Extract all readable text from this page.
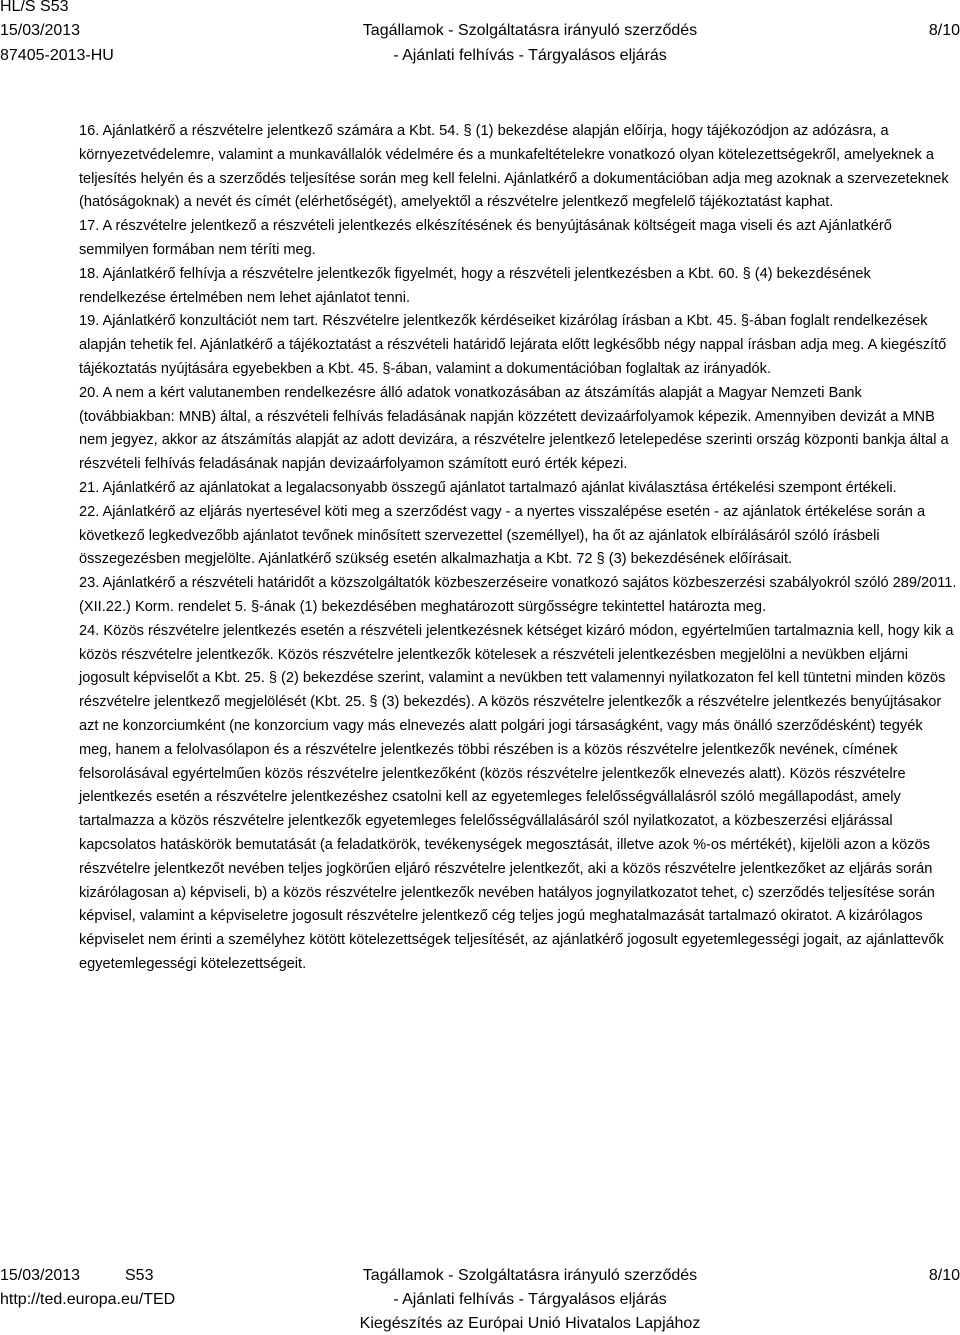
HL/S S53
15/03/2013
87405-2013-HU
Tagállamok - Szolgáltatásra irányuló szerződés
- Ajánlati felhívás - Tárgyalásos eljárás
8/10

16. Ajánlatkérő a részvételre jelentkező számára a Kbt. 54. § (1) bekezdése alapján előírja, hogy tájékozódjon az adózásra, a környezetvédelemre, valamint a munkavállalók védelmére és a munkafeltételekre vonatkozó olyan kötelezettségekről, amelyeknek a teljesítés helyén és a szerződés teljesítése során meg kell felelni. Ajánlatkérő a dokumentációban adja meg azoknak a szervezeteknek (hatóságoknak) a nevét és címét (elérhetőségét), amelyektől a részvételre jelentkező megfelelő tájékoztatást kaphat.

17. A részvételre jelentkező a részvételi jelentkezés elkészítésének és benyújtásának költségeit maga viseli és azt Ajánlatkérő semmilyen formában nem téríti meg.

18. Ajánlatkérő felhívja a részvételre jelentkezők figyelmét, hogy a részvételi jelentkezésben a Kbt. 60. § (4) bekezdésének rendelkezése értelmében nem lehet ajánlatot tenni.

19. Ajánlatkérő konzultációt nem tart. Részvételre jelentkezők kérdéseiket kizárólag írásban a Kbt. 45. §-ában foglalt rendelkezések alapján tehetik fel. Ajánlatkérő a tájékoztatást a részvételi határidő lejárata előtt legkésőbb négy nappal írásban adja meg. A kiegészítő tájékoztatás nyújtására egyebekben a Kbt. 45. §-ában, valamint a dokumentációban foglaltak az irányadók.

20. A nem a kért valutanemben rendelkezésre álló adatok vonatkozásában az átszámítás alapját a Magyar Nemzeti Bank (továbbiakban: MNB) által, a részvételi felhívás feladásának napján közzétett devizaárfolyamok képezik. Amennyiben devizát a MNB nem jegyez, akkor az átszámítás alapját az adott devizára, a részvételre jelentkező letelepedése szerinti ország központi bankja által a részvételi felhívás feladásának napján devizaárfolyamon számított euró érték képezi.

21. Ajánlatkérő az ajánlatokat a legalacsonyabb összegű ajánlatot tartalmazó ajánlat kiválasztása értékelési szempont értékeli.

22. Ajánlatkérő az eljárás nyertesével köti meg a szerződést vagy - a nyertes visszalépése esetén - az ajánlatok értékelése során a következő legkedvezőbb ajánlatot tevőnek minősített szervezettel (személlyel), ha őt az ajánlatok elbírálásáról szóló írásbeli összegezésben megjelölte. Ajánlatkérő szükség esetén alkalmazhatja a Kbt. 72 § (3) bekezdésének előírásait.

23. Ajánlatkérő a részvételi határidőt a közszolgáltatók közbeszerzéseire vonatkozó sajátos közbeszerzési szabályokról szóló 289/2011. (XII.22.) Korm. rendelet 5. §-ának (1) bekezdésében meghatározott sürgősségre tekintettel határozta meg.

24. Közös részvételre jelentkezés esetén a részvételi jelentkezésnek kétséget kizáró módon, egyértelműen tartalmaznia kell, hogy kik a közös részvételre jelentkezők. Közös részvételre jelentkezők kötelesek a részvételi jelentkezésben megjelölni a nevükben eljárni jogosult képviselőt a Kbt. 25. § (2) bekezdése szerint, valamint a nevükben tett valamennyi nyilatkozaton fel kell tüntetni minden közös részvételre jelentkező megjelölését (Kbt. 25. § (3) bekezdés). A közös részvételre jelentkezők a részvételre jelentkezés benyújtásakor azt ne konzorciumként (ne konzorcium vagy más elnevezés alatt polgári jogi társaságként, vagy más önálló szerződésként) tegyék meg, hanem a felolvasólapon és a részvételre jelentkezés többi részében is a közös részvételre jelentkezők nevének, címének felsorolásával egyértelműen közös részvételre jelentkezőként (közös részvételre jelentkezők elnevezés alatt). Közös részvételre jelentkezés esetén a részvételre jelentkezéshez csatolni kell az egyetemleges felelősségvállalásról szóló megállapodást, amely tartalmazza a közös részvételre jelentkezők egyetemleges felelősségvállalásáról szól nyilatkozatot, a közbeszerzési eljárással kapcsolatos hatáskörök bemutatását (a feladatkörök, tevékenységek megosztását, illetve azok %-os mértékét), kijelöli azon a közös részvételre jelentkezőt nevében teljes jogkörűen eljáró részvételre jelentkezőt, aki a közös részvételre jelentkezőket az eljárás során kizárólagosan a) képviseli, b) a közös részvételre jelentkezők nevében hatályos jognyilatkozatot tehet, c) szerződés teljesítése során képvisel, valamint a képviseletre jogosult részvételre jelentkező cég teljes jogú meghatalmazását tartalmazó okiratot. A kizárólagos képviselet nem érinti a személyhez kötött kötelezettségek teljesítését, az ajánlatkérő jogosult egyetemlegességi jogait, az ajánlattevők egyetemlegességi kötelezettségeit.

15/03/2013	S53
http://ted.europa.eu/TED
Tagállamok - Szolgáltatásra irányuló szerződés
- Ajánlati felhívás - Tárgyalásos eljárás
Kiegészítés az Európai Unió Hivatalos Lapjához
8/10
